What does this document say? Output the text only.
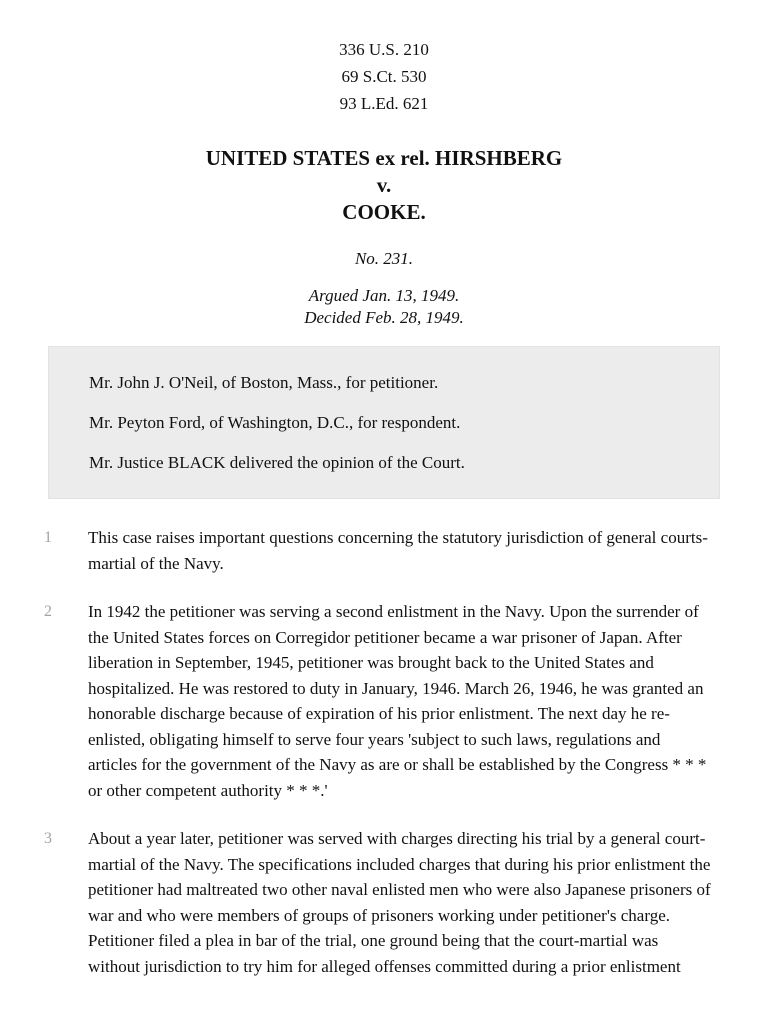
336 U.S. 210
69 S.Ct. 530
93 L.Ed. 621
UNITED STATES ex rel. HIRSHBERG
v.
COOKE.
No. 231.
Argued Jan. 13, 1949.
Decided Feb. 28, 1949.

Mr. John J. O'Neil, of Boston, Mass., for petitioner.

Mr. Peyton Ford, of Washington, D.C., for respondent.

Mr. Justice BLACK delivered the opinion of the Court.

1	This case raises important questions concerning the statutory jurisdiction of general courts-martial of the Navy.
2	In 1942 the petitioner was serving a second enlistment in the Navy. Upon the surrender of the United States forces on Corregidor petitioner became a war prisoner of Japan. After liberation in September, 1945, petitioner was brought back to the United States and hospitalized. He was restored to duty in January, 1946. March 26, 1946, he was granted an honorable discharge because of expiration of his prior enlistment. The next day he re-enlisted, obligating himself to serve four years 'subject to such laws, regulations and articles for the government of the Navy as are or shall be established by the Congress * * * or other competent authority * * *.'
3	About a year later, petitioner was served with charges directing his trial by a general court-martial of the Navy. The specifications included charges that during his prior enlistment the petitioner had maltreated two other naval enlisted men who were also Japanese prisoners of war and who were members of groups of prisoners working under petitioner's charge. Petitioner filed a plea in bar of the trial, one ground being that the court-martial was without jurisdiction to try him for alleged offenses committed during a prior enlistment
